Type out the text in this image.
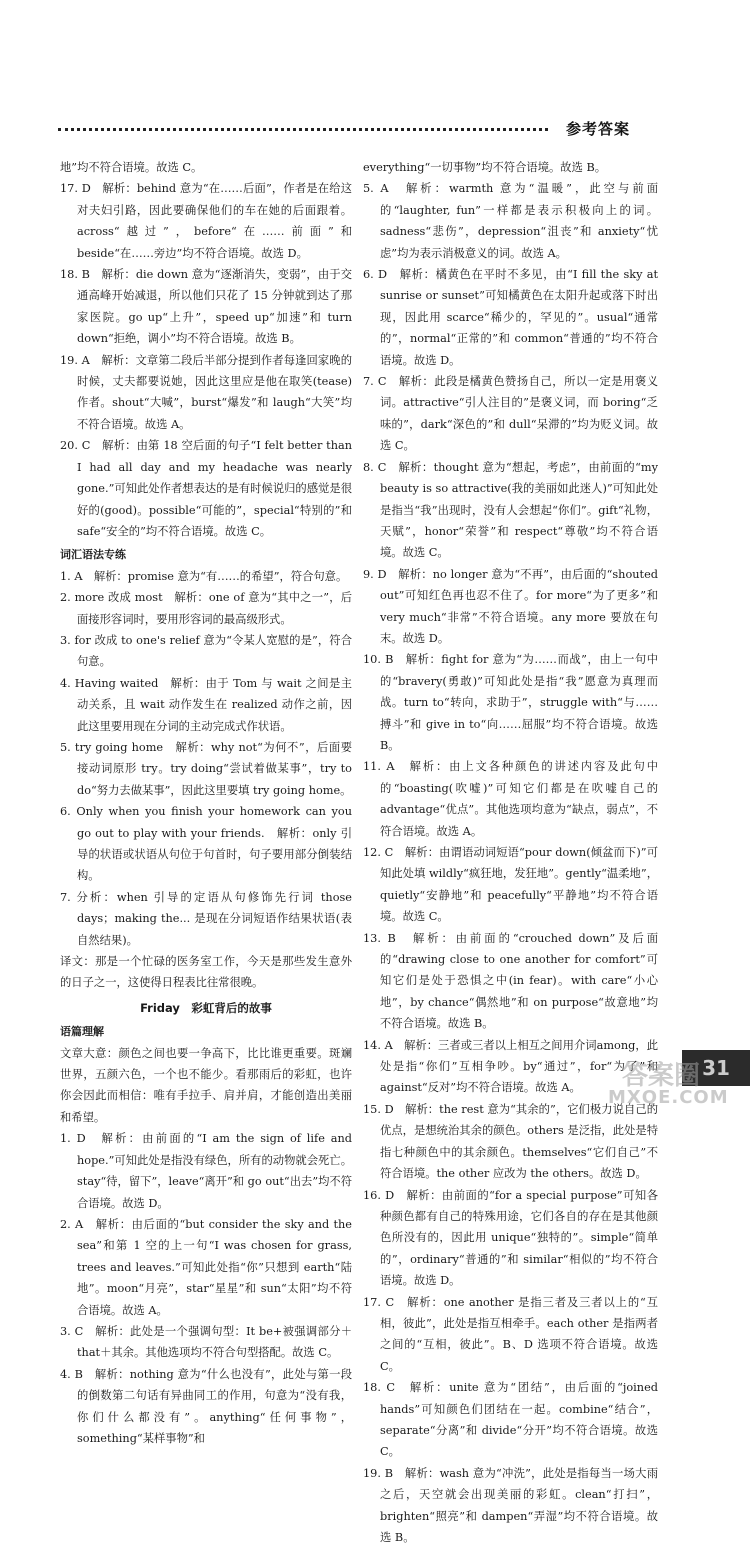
参考答案

地”均不符合语境。故选 C。

17. D　解析：behind 意为“在……后面”，作者是在给这对夫妇引路，因此要确保他们的车在她的后面跟着。across“越过”，before“在……前面”和 beside“在……旁边”均不符合语境。故选 D。

18. B　解析：die down 意为“逐渐消失，变弱”，由于交通高峰开始减退，所以他们只花了 15 分钟就到达了那家医院。go up“上升”，speed up“加速”和 turn down“拒绝，调小”均不符合语境。故选 B。

19. A　解析：文章第二段后半部分提到作者每逢回家晚的时候，丈夫都要说她，因此这里应是他在取笑(tease)作者。shout“大喊”，burst“爆发”和 laugh“大笑”均不符合语境。故选 A。

20. C　解析：由第 18 空后面的句子“I felt better than I had all day and my headache was nearly gone.”可知此处作者想表达的是有时候说归的感觉是很好的(good)。possible“可能的”，special“特别的”和 safe“安全的”均不符合语境。故选 C。

词汇语法专练

1. A　解析：promise 意为“有……的希望”，符合句意。

2. more 改成 most　解析：one of 意为“其中之一”，后面接形容词时，要用形容词的最高级形式。

3. for 改成 to one's relief 意为“令某人宽慰的是”，符合句意。

4. Having waited　解析：由于 Tom 与 wait 之间是主动关系，且 wait 动作发生在 realized 动作之前，因此这里要用现在分词的主动完成式作状语。

5. try going home　解析：why not“为何不”，后面要接动词原形 try。try doing“尝试着做某事”，try to do“努力去做某事”，因此这里要填 try going home。

6. Only when you finish your homework can you go out to play with your friends.　解析：only 引导的状语或状语从句位于句首时，句子要用部分倒装结构。

7. 分析：when 引导的定语从句修饰先行词 those days；making the... 是现在分词短语作结果状语(表自然结果)。

译文：那是一个忙碌的医务室工作，今天是那些发生意外的日子之一，这使得日程表比往常很晚。

Friday　彩虹背后的故事

语篇理解

文章大意：颜色之间也要一争高下，比比谁更重要。斑斓世界，五颜六色，一个也不能少。看那雨后的彩虹，也许你会因此而相信：唯有手拉手、肩并肩，才能创造出美丽和希望。

1. D　解析：由前面的“I am the sign of life and hope.”可知此处是指没有绿色，所有的动物就会死亡。stay“待，留下”，leave“离开”和 go out“出去”均不符合语境。故选 D。

2. A　解析：由后面的“but consider the sky and the sea”和第 1 空的上一句“I was chosen for grass, trees and leaves.”可知此处指“你”只想到 earth“陆地”。moon“月亮”，star“星星”和 sun“太阳”均不符合语境。故选 A。

3. C　解析：此处是一个强调句型：It be+被强调部分＋that＋其余。其他选项均不符合句型搭配。故选 C。

4. B　解析：nothing 意为“什么也没有”，此处与第一段的倒数第二句话有异曲同工的作用，句意为“没有我，你们什么都没有”。anything“任何事物”，something“某样事物”和

everything“一切事物”均不符合语境。故选 B。

5. A　解析：warmth 意为“温暖”，此空与前面的“laughter, fun”一样都是表示积极向上的词。sadness“悲伤”，depression“沮丧”和 anxiety“忧虑”均为表示消极意义的词。故选 A。

6. D　解析：橘黄色在平时不多见，由“I fill the sky at sunrise or sunset”可知橘黄色在太阳升起或落下时出现，因此用 scarce“稀少的，罕见的”。usual“通常的”，normal“正常的”和 common“普通的”均不符合语境。故选 D。

7. C　解析：此段是橘黄色赞扬自己，所以一定是用褒义词。attractive“引人注目的”是褒义词，而 boring“乏味的”，dark“深色的”和 dull“呆滞的”均为贬义词。故选 C。

8. C　解析：thought 意为“想起，考虑”，由前面的“my beauty is so attractive(我的美丽如此迷人)”可知此处是指当“我”出现时，没有人会想起“你们”。gift“礼物，天赋”，honor“荣誉”和 respect“尊敬”均不符合语境。故选 C。

9. D　解析：no longer 意为“不再”，由后面的“shouted out”可知红色再也忍不住了。for more“为了更多”和 very much“非常”不符合语境。any more 要放在句末。故选 D。

10. B　解析：fight for 意为“为……而战”，由上一句中的“bravery(勇敢)”可知此处是指“我”愿意为真理而战。turn to“转向，求助于”，struggle with“与……搏斗”和 give in to“向……屈服”均不符合语境。故选 B。

11. A　解析：由上文各种颜色的讲述内容及此句中的“boasting(吹嘘)”可知它们都是在吹嘘自己的 advantage“优点”。其他选项均意为“缺点，弱点”，不符合语境。故选 A。

12. C　解析：由谓语动词短语“pour down(倾盆而下)”可知此处填 wildly“疯狂地，发狂地”。gently“温柔地”，quietly“安静地”和 peacefully“平静地”均不符合语境。故选 C。

13. B　解析：由前面的“crouched down”及后面的“drawing close to one another for comfort”可知它们是处于恐惧之中(in fear)。with care“小心地”，by chance“偶然地”和 on purpose“故意地”均不符合语境。故选 B。

14. A　解析：三者或三者以上相互之间用介词among，此处是指“你们”互相争吵。by“通过”，for“为了”和 against“反对”均不符合语境。故选 A。

15. D　解析：the rest 意为“其余的”，它们极力说自己的优点，是想统治其余的颜色。others 是泛指，此处是特指七种颜色中的其余颜色。themselves“它们自己”不符合语境。the other 应改为 the others。故选 D。

16. D　解析：由前面的“for a special purpose”可知各种颜色都有自己的特殊用途，它们各自的存在是其他颜色所没有的，因此用 unique“独特的”。simple“简单的”，ordinary“普通的”和 similar“相似的”均不符合语境。故选 D。

17. C　解析：one another 是指三者及三者以上的“互相，彼此”，此处是指互相牵手。each other 是指两者之间的“互相，彼此”。B、D 选项不符合语境。故选 C。

18. C　解析：unite 意为“团结”，由后面的“joined hands”可知颜色们团结在一起。combine“结合”，separate“分离”和 divide“分开”均不符合语境。故选 C。

19. B　解析：wash 意为“冲洗”，此处是指每当一场大雨之后，天空就会出现美丽的彩虹。clean“打扫”，brighten“照亮”和 dampen“弄湿”均不符合语境。故选 B。

31
答案圈
MXQE.COM
